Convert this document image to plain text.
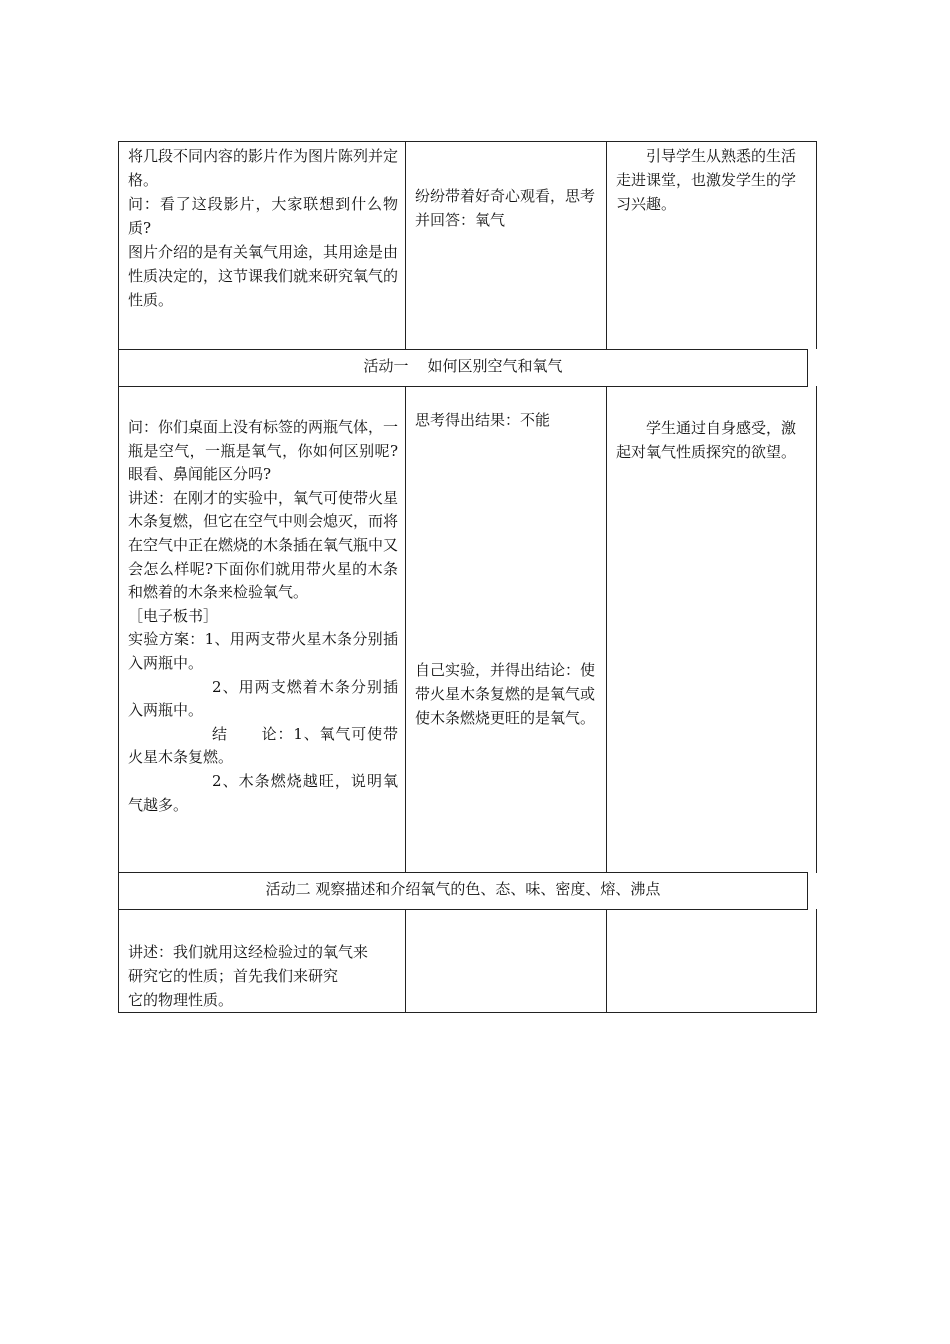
将几段不同内容的影片作为图片陈列并定格。

问：看了这段影片，大家联想到什么物质?

图片介绍的是有关氧气用途，其用途是由性质决定的，这节课我们就来研究氧气的性质。

纷纷带着好奇心观看，思考并回答：氧气

引导学生从熟悉的生活走进课堂，也激发学生的学习兴趣。

活动一    如何区别空气和氧气

问：你们桌面上没有标签的两瓶气体，一瓶是空气，一瓶是氧气，你如何区别呢?眼看、鼻闻能区分吗?

讲述：在刚才的实验中，氧气可使带火星木条复燃，但它在空气中则会熄灭，而将在空气中正在燃烧的木条插在氧气瓶中又会怎么样呢?下面你们就用带火星的木条和燃着的木条来检验氧气。

［电子板书］

实验方案：1、用两支带火星木条分别插入两瓶中。

2、用两支燃着木条分别插入两瓶中。

结      论：1、氧气可使带火星木条复燃。

2、木条燃烧越旺，说明氧气越多。

思考得出结果：不能

自己实验，并得出结论：使带火星木条复燃的是氧气或使木条燃烧更旺的是氧气。

学生通过自身感受，激起对氧气性质探究的欲望。

活动二 观察描述和介绍氧气的色、态、味、密度、熔、沸点

讲述：我们就用这经检验过的氧气来研究它的性质；首先我们来研究

它的物理性质。
